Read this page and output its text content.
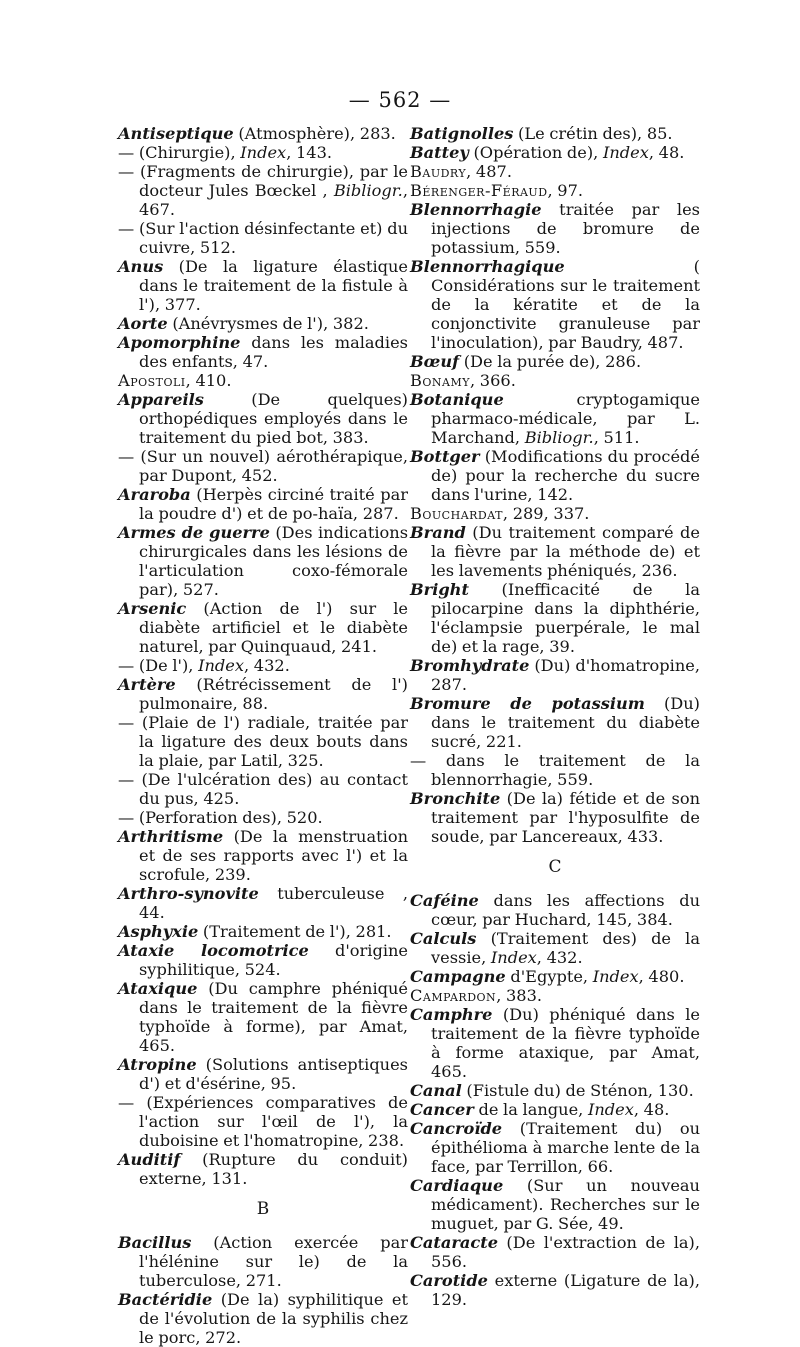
— 562 —

Antiseptique (Atmosphère), 283.

— (Chirurgie), Index, 143.

— (Fragments de chirurgie), par le docteur Jules Bœckel , Bibliogr., 467.

— (Sur l'action désinfectante et) du cuivre, 512.

Anus (De la ligature élastique dans le traitement de la fistule à l'), 377.

Aorte (Anévrysmes de l'), 382.

Apomorphine dans les maladies des enfants, 47.

Apostoli, 410.

Appareils (De quelques) orthopédiques employés dans le traitement du pied bot, 383.

— (Sur un nouvel) aérothérapique, par Dupont, 452.

Araroba (Herpès circiné traité par la poudre d') et de po-haïa, 287.

Armes de guerre (Des indications chirurgicales dans les lésions de l'articulation coxo-fémorale par), 527.

Arsenic (Action de l') sur le diabète artificiel et le diabète naturel, par Quinquaud, 241.

— (De l'), Index, 432.

Artère (Rétrécissement de l') pulmonaire, 88.

— (Plaie de l') radiale, traitée par la ligature des deux bouts dans la plaie, par Latil, 325.

— (De l'ulcération des) au contact du pus, 425.

— (Perforation des), 520.

Arthritisme (De la menstruation et de ses rapports avec l') et la scrofule, 239.

Arthro-synovite tuberculeuse , 44.

Asphyxie (Traitement de l'), 281.

Ataxie locomotrice d'origine syphilitique, 524.

Ataxique (Du camphre phéniqué dans le traitement de la fièvre typhoïde à forme), par Amat, 465.

Atropine (Solutions antiseptiques d') et d'ésérine, 95.

— (Expériences comparatives de l'action sur l'œil de l'), la duboisine et l'homatropine, 238.

Auditif (Rupture du conduit) externe, 131.

B

Bacillus (Action exercée par l'hélénine sur le) de la tuberculose, 271.

Bactéridie (De la) syphilitique et de l'évolution de la syphilis chez le porc, 272.

Batignolles (Le crétin des), 85.

Battey (Opération de), Index, 48.

Baudry, 487.

Bérenger-Féraud, 97.

Blennorrhagie traitée par les injections de bromure de potassium, 559.

Blennorrhagique ( Considérations sur le traitement de la kératite et de la conjonctivite granuleuse par l'inoculation), par Baudry, 487.

Bœuf (De la purée de), 286.

Bonamy, 366.

Botanique cryptogamique pharmaco-médicale, par L. Marchand, Bibliogr., 511.

Bottger (Modifications du procédé de) pour la recherche du sucre dans l'urine, 142.

Bouchardat, 289, 337.

Brand (Du traitement comparé de la fièvre par la méthode de) et les lavements phéniqués, 236.

Bright (Inefficacité de la pilocarpine dans la diphthérie, l'éclampsie puerpérale, le mal de) et la rage, 39.

Bromhydrate (Du) d'homatropine, 287.

Bromure de potassium (Du) dans le traitement du diabète sucré, 221.

— dans le traitement de la blennorrhagie, 559.

Bronchite (De la) fétide et de son traitement par l'hyposulfite de soude, par Lancereaux, 433.

C

Caféine dans les affections du cœur, par Huchard, 145, 384.

Calculs (Traitement des) de la vessie, Index, 432.

Campagne d'Egypte, Index, 480.

Campardon, 383.

Camphre (Du) phéniqué dans le traitement de la fièvre typhoïde à forme ataxique, par Amat, 465.

Canal (Fistule du) de Sténon, 130.

Cancer de la langue, Index, 48.

Cancroïde (Traitement du) ou épithélioma à marche lente de la face, par Terrillon, 66.

Cardiaque (Sur un nouveau médicament). Recherches sur le muguet, par G. Sée, 49.

Cataracte (De l'extraction de la), 556.

Carotide externe (Ligature de la), 129.
